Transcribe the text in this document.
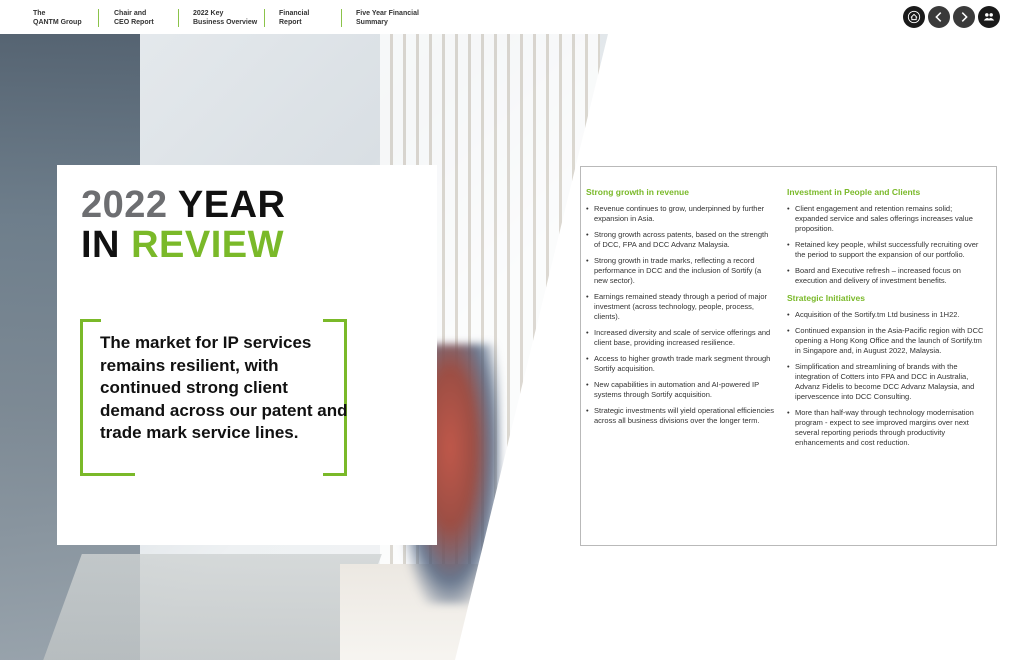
The
QANTM Group
Chair and
CEO Report
2022 Key
Business Overview
Financial
Report
Five Year Financial
Summary
2022 YEAR
IN REVIEW
The market for IP services remains resilient, with continued strong client demand across our patent and trade mark service lines.
Strong growth in revenue
• Revenue continues to grow, underpinned by further expansion in Asia.
• Strong growth across patents, based on the strength of DCC, FPA and DCC Advanz Malaysia.
• Strong growth in trade marks, reflecting a record performance in DCC and the inclusion of Sortify (a new sector).
• Earnings remained steady through a period of major investment (across technology, people, process, clients).
• Increased diversity and scale of service offerings and client base, providing increased resilience.
• Access to higher growth trade mark segment through Sortify acquisition.
• New capabilities in automation and AI-powered IP systems through Sortify acquisition.
• Strategic investments will yield operational efficiencies across all business divisions over the longer term.
Investment in People and Clients
• Client engagement and retention remains solid; expanded service and sales offerings increases value proposition.
• Retained key people, whilst successfully recruiting over the period to support the expansion of our portfolio.
• Board and Executive refresh – increased focus on execution and delivery of investment benefits.
Strategic Initiatives
• Acquisition of the Sortify.tm Ltd business in 1H22.
• Continued expansion in the Asia-Pacific region with DCC opening a Hong Kong Office and the launch of Sortify.tm in Singapore and, in August 2022, Malaysia.
• Simplification and streamlining of brands with the integration of Cotters into FPA and DCC in Australia, Advanz Fidelis to become DCC Advanz Malaysia, and ipervescence into DCC Consulting.
• More than half-way through technology modernisation program - expect to see improved margins over next several reporting periods through productivity enhancements and cost reduction.
